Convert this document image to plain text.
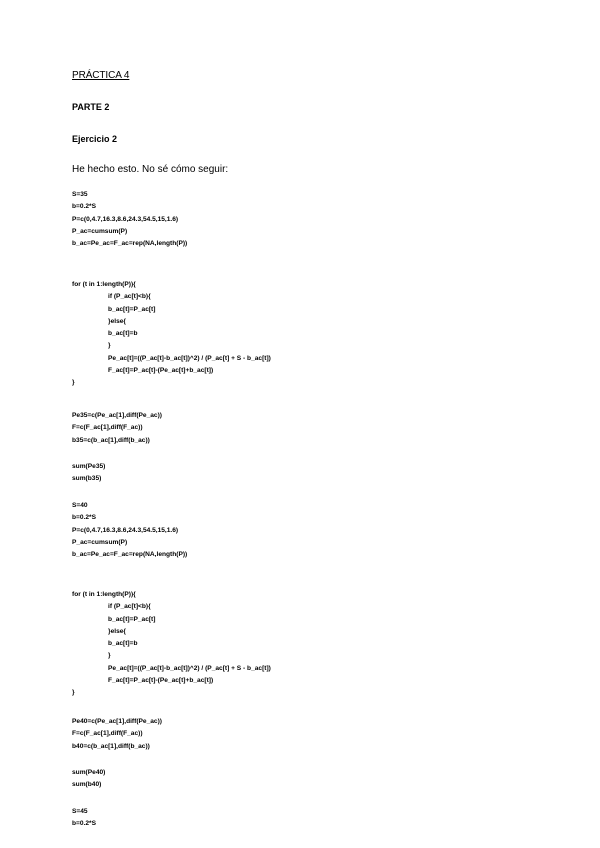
PRÁCTICA 4
PARTE 2
Ejercicio 2
He hecho esto. No sé cómo seguir:
S=35
b=0.2*S
P=c(0,4.7,16.3,8.6,24.3,54.5,15,1.6)
P_ac=cumsum(P)
b_ac=Pe_ac=F_ac=rep(NA,length(P))
for (t in 1:length(P)){
if (P_ac[t]<b){
b_ac[t]=P_ac[t]
}else{
b_ac[t]=b
}
Pe_ac[t]=((P_ac[t]-b_ac[t])^2) / (P_ac[t] + S - b_ac[t])
F_ac[t]=P_ac[t]-(Pe_ac[t]+b_ac[t])
}
Pe35=c(Pe_ac[1],diff(Pe_ac))
F=c(F_ac[1],diff(F_ac))
b35=c(b_ac[1],diff(b_ac))
sum(Pe35)
sum(b35)
S=40
b=0.2*S
P=c(0,4.7,16.3,8.6,24.3,54.5,15,1.6)
P_ac=cumsum(P)
b_ac=Pe_ac=F_ac=rep(NA,length(P))
for (t in 1:length(P)){
if (P_ac[t]<b){
b_ac[t]=P_ac[t]
}else{
b_ac[t]=b
}
Pe_ac[t]=((P_ac[t]-b_ac[t])^2) / (P_ac[t] + S - b_ac[t])
F_ac[t]=P_ac[t]-(Pe_ac[t]+b_ac[t])
}
Pe40=c(Pe_ac[1],diff(Pe_ac))
F=c(F_ac[1],diff(F_ac))
b40=c(b_ac[1],diff(b_ac))
sum(Pe40)
sum(b40)
S=45
b=0.2*S
